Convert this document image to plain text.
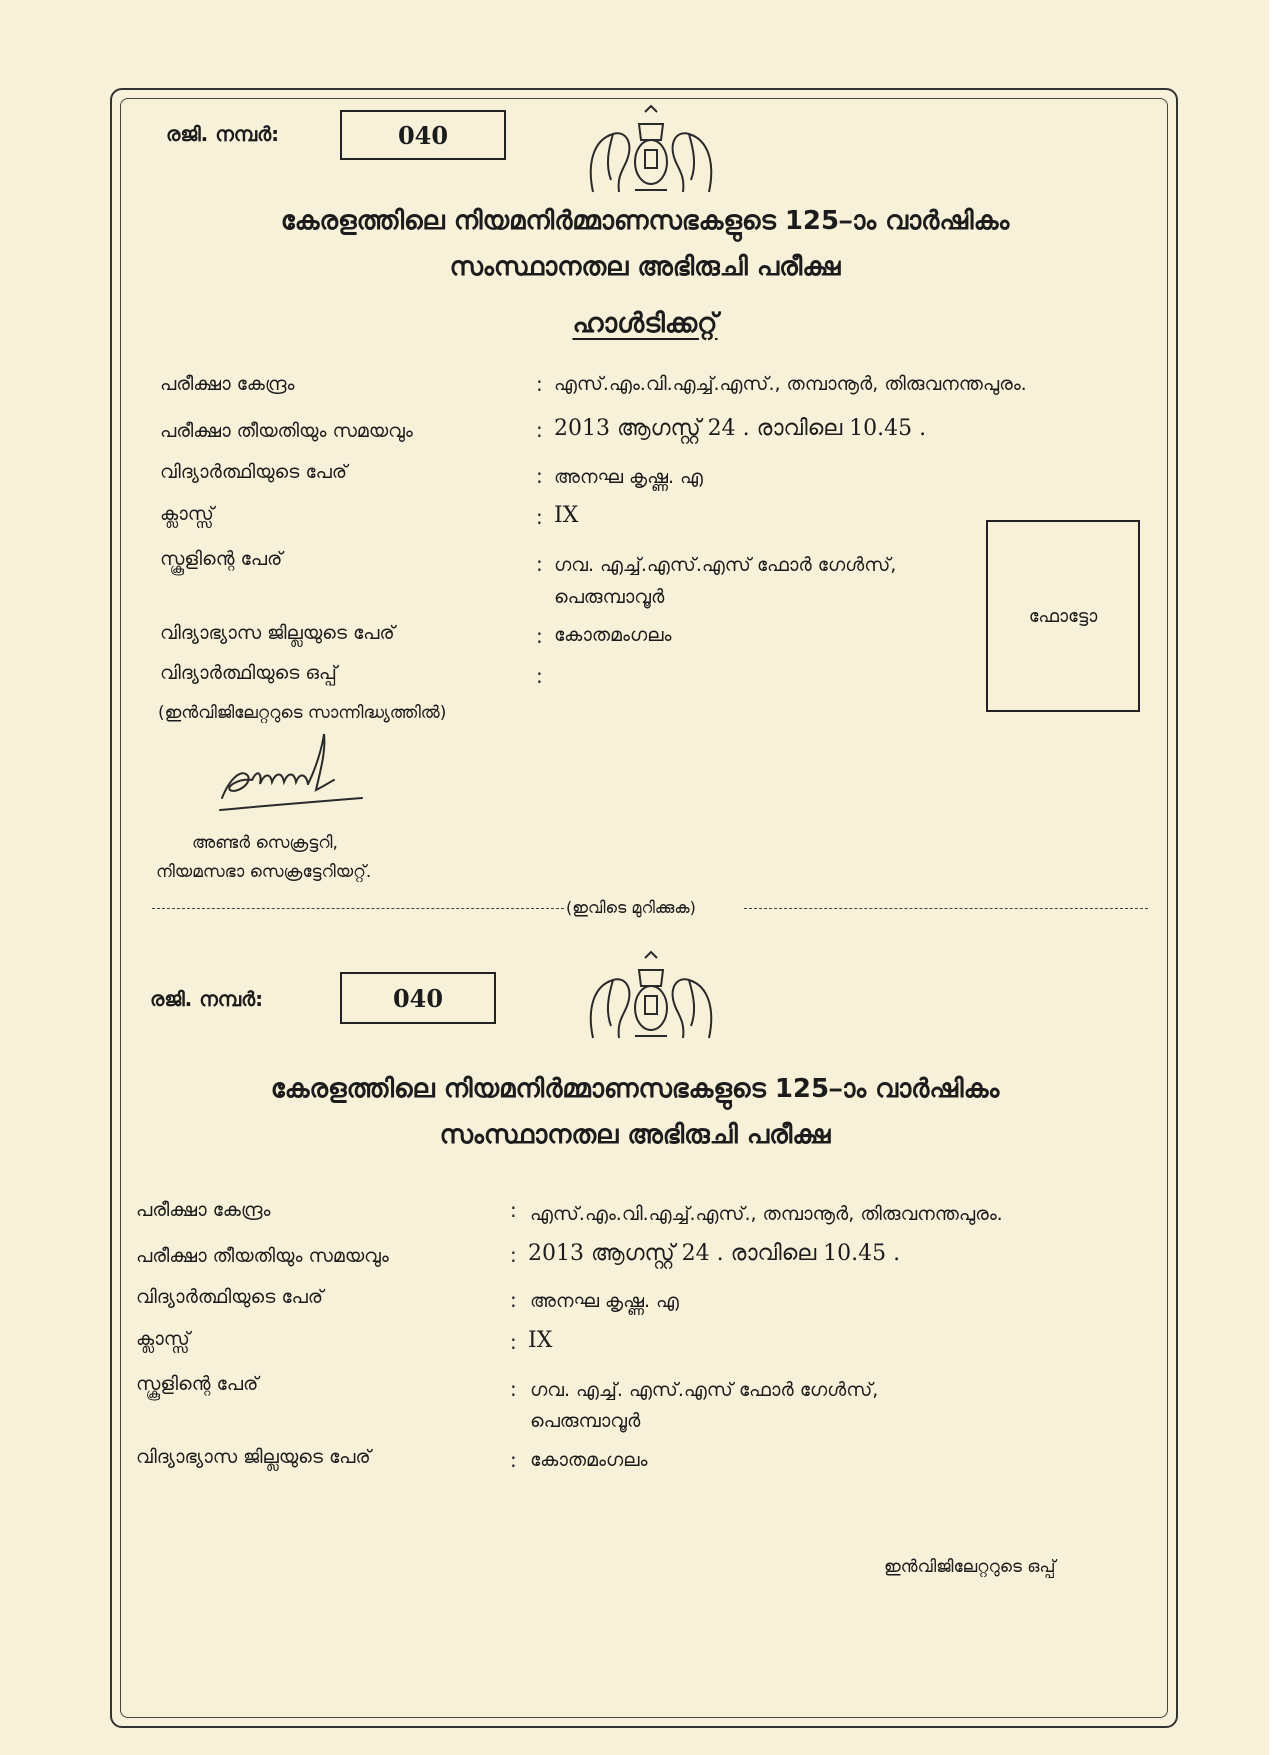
രജി. നമ്പർ:	040
കേരളത്തിലെ നിയമനിർമ്മാണസഭകളുടെ 125–ാം വാർഷികം
സംസ്ഥാനതല അഭിരുചി പരീക്ഷ
ഹാൾടിക്കറ്റ്
പരീക്ഷാ കേന്ദ്രം	: എസ്.എം.വി.എച്ച്.എസ്., തമ്പാനൂർ, തിരുവനന്തപുരം.
പരീക്ഷാ തീയതിയും സമയവും	: 2013 ആഗസ്റ്റ് 24 . രാവിലെ 10.45 .
വിദ്യാർത്ഥിയുടെ പേര്	: അനഘ കൃഷ്ണ. എ
ക്ലാസ്സ്	: IX
സ്കൂളിന്റെ പേര്	: ഗവ. എച്ച്.എസ്.എസ് ഫോർ ഗേൾസ്,
പെരുമ്പാവൂർ
വിദ്യാഭ്യാസ ജില്ലയുടെ പേര്	: കോതമംഗലം
വിദ്യാർത്ഥിയുടെ ഒപ്പ്	:
(ഇൻവിജിലേറ്ററുടെ സാന്നിദ്ധ്യത്തിൽ)
ഫോട്ടോ
അണ്ടർ സെക്രട്ടറി,
നിയമസഭാ സെക്രട്ടേറിയറ്റ്.
(ഇവിടെ മുറിക്കുക)
രജി. നമ്പർ:	040
കേരളത്തിലെ നിയമനിർമ്മാണസഭകളുടെ 125–ാം വാർഷികം
സംസ്ഥാനതല അഭിരുചി പരീക്ഷ
പരീക്ഷാ കേന്ദ്രം	: എസ്.എം.വി.എച്ച്.എസ്., തമ്പാനൂർ, തിരുവനന്തപുരം.
പരീക്ഷാ തീയതിയും സമയവും	: 2013 ആഗസ്റ്റ് 24 . രാവിലെ 10.45 .
വിദ്യാർത്ഥിയുടെ പേര്	: അനഘ കൃഷ്ണ. എ
ക്ലാസ്സ്	: IX
സ്കൂളിന്റെ പേര്	: ഗവ. എച്ച്. എസ്.എസ് ഫോർ ഗേൾസ്,
പെരുമ്പാവൂർ
വിദ്യാഭ്യാസ ജില്ലയുടെ പേര്	: കോതമംഗലം
ഇൻവിജിലേറ്ററുടെ ഒപ്പ്
